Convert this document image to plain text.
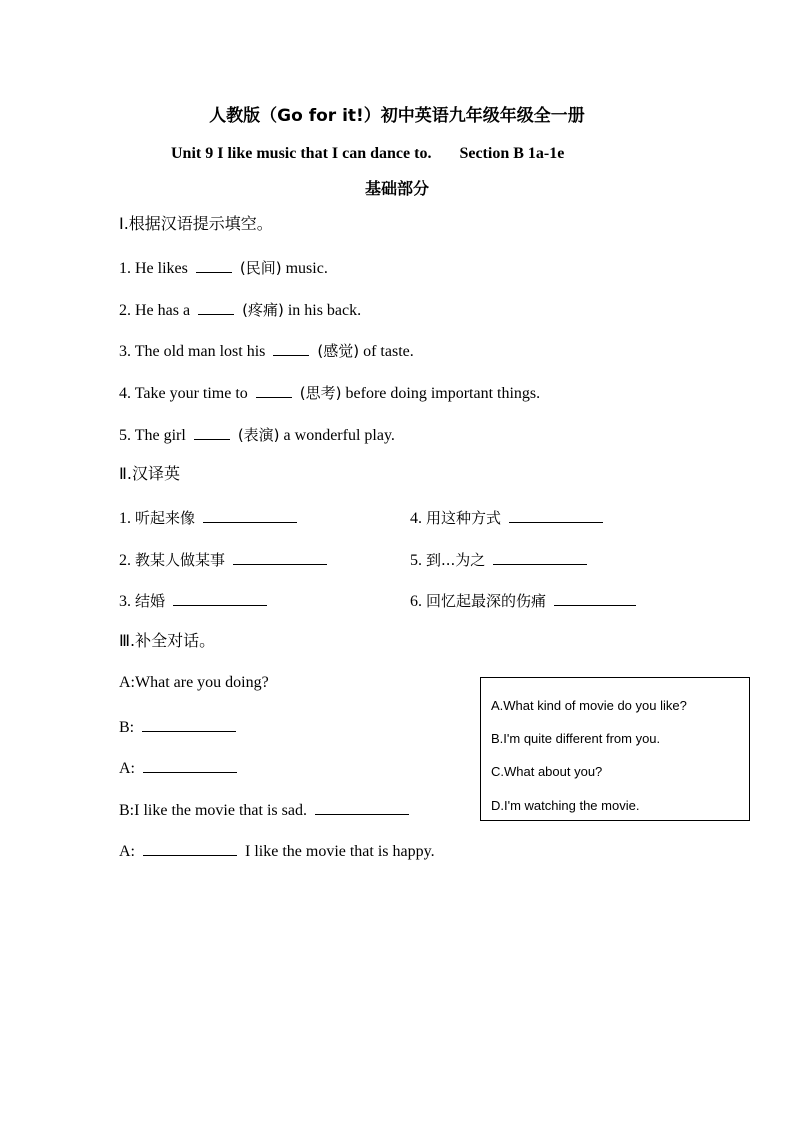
人教版（Go for it!）初中英语九年级年级全一册
Unit 9 I like music that I can dance to. Section B 1a-1e
基础部分
Ⅰ.根据汉语提示填空。
1. He likes	(民间) music.
2. He has a	(疼痛) in his back.
3. The old man lost his	(感觉) of taste.
4. Take your time to	(思考) before doing important things.
5. The girl	(表演) a wonderful play.
Ⅱ.汉译英
1. 听起来像	4. 用这种方式
2. 教某人做某事	5. 到...为之
3. 结婚	6. 回忆起最深的伤痛
Ⅲ.补全对话。
A:What are you doing?
B:
A:
B:I like the movie that is sad.
A:	I like the movie that is happy.
A.What kind of movie do you like?
B.I'm quite different from you.
C.What about you?
D.I'm watching the movie.
